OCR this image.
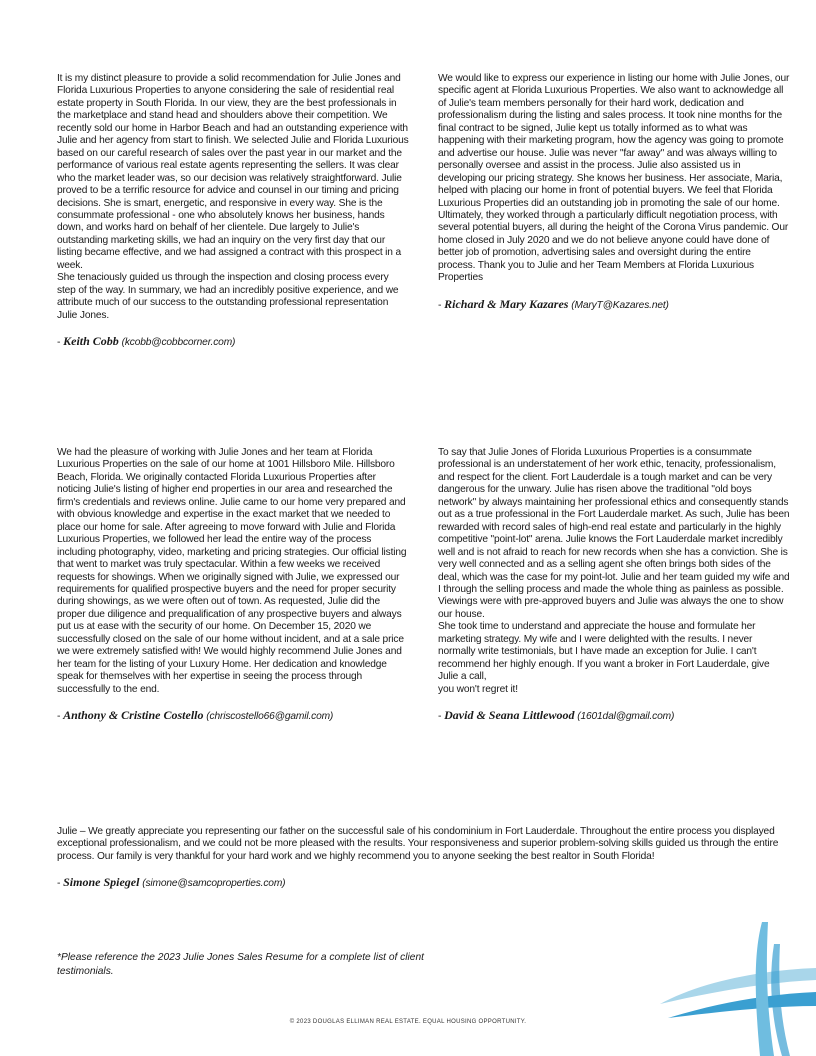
It is my distinct pleasure to provide a solid recommendation for Julie Jones and Florida Luxurious Properties to anyone considering the sale of residential real estate property in South Florida. In our view, they are the best professionals in the marketplace and stand head and shoulders above their competition. We recently sold our home in Harbor Beach and had an outstanding experience with Julie and her agency from start to finish. We selected Julie and Florida Luxurious based on our careful research of sales over the past year in our market and the performance of various real estate agents representing the sellers. It was clear who the market leader was, so our decision was relatively straightforward. Julie proved to be a terrific resource for advice and counsel in our timing and pricing decisions. She is smart, energetic, and responsive in every way. She is the consummate professional - one who absolutely knows her business, hands down, and works hard on behalf of her clientele. Due largely to Julie's outstanding marketing skills, we had an inquiry on the very first day that our listing became effective, and we had assigned a contract with this prospect in a week.

She tenaciously guided us through the inspection and closing process every step of the way. In summary, we had an incredibly positive experience, and we attribute much of our success to the outstanding professional representation Julie Jones.

- Keith Cobb (kcobb@cobbcorner.com)

We would like to express our experience in listing our home with Julie Jones, our specific agent at Florida Luxurious Properties. We also want to acknowledge all of Julie's team members personally for their hard work, dedication and professionalism during the listing and sales process. It took nine months for the final contract to be signed, Julie kept us totally informed as to what was happening with their marketing program, how the agency was going to promote and advertise our house. Julie was never "far away" and was always willing to personally oversee and assist in the process. Julie also assisted us in developing our pricing strategy. She knows her business. Her associate, Maria, helped with placing our home in front of potential buyers. We feel that Florida Luxurious Properties did an outstanding job in promoting the sale of our home. Ultimately, they worked through a particularly difficult negotiation process, with several potential buyers, all during the height of the Corona Virus pandemic. Our home closed in July 2020 and we do not believe anyone could have done of better job of promotion, advertising sales and oversight during the entire process. Thank you to Julie and her Team Members at Florida Luxurious Properties

- Richard & Mary Kazares (MaryT@Kazares.net)

We had the pleasure of working with Julie Jones and her team at Florida Luxurious Properties on the sale of our home at 1001 Hillsboro Mile. Hillsboro Beach, Florida. We originally contacted Florida Luxurious Properties after noticing Julie's listing of higher end properties in our area and researched the firm's credentials and reviews online. Julie came to our home very prepared and with obvious knowledge and expertise in the exact market that we needed to place our home for sale. After agreeing to move forward with Julie and Florida Luxurious Properties, we followed her lead the entire way of the process including photography, video, marketing and pricing strategies. Our official listing that went to market was truly spectacular. Within a few weeks we received requests for showings. When we originally signed with Julie, we expressed our requirements for qualified prospective buyers and the need for proper security during showings, as we were often out of town. As requested, Julie did the proper due diligence and prequalification of any prospective buyers and always put us at ease with the security of our home. On December 15, 2020 we successfully closed on the sale of our home without incident, and at a sale price we were extremely satisfied with! We would highly recommend Julie Jones and her team for the listing of your Luxury Home. Her dedication and knowledge speak for themselves with her expertise in seeing the process through successfully to the end.

- Anthony & Cristine Costello (chriscostello66@gamil.com)

To say that Julie Jones of Florida Luxurious Properties is a consummate professional is an understatement of her work ethic, tenacity, professionalism, and respect for the client. Fort Lauderdale is a tough market and can be very dangerous for the unwary. Julie has risen above the traditional "old boys network" by always maintaining her professional ethics and consequently stands out as a true professional in the Fort Lauderdale market. As such, Julie has been rewarded with record sales of high-end real estate and particularly in the highly competitive "point-lot" arena. Julie knows the Fort Lauderdale market incredibly well and is not afraid to reach for new records when she has a conviction. She is very well connected and as a selling agent she often brings both sides of the deal, which was the case for my point-lot. Julie and her team guided my wife and I through the selling process and made the whole thing as painless as possible. Viewings were with pre-approved buyers and Julie was always the one to show our house.

She took time to understand and appreciate the house and formulate her marketing strategy. My wife and I were delighted with the results. I never normally write testimonials, but I have made an exception for Julie. I can't recommend her highly enough. If you want a broker in Fort Lauderdale, give Julie a call,

you won't regret it!

- David & Seana Littlewood (1601dal@gmail.com)

Julie – We greatly appreciate you representing our father on the successful sale of his condominium in Fort Lauderdale. Throughout the entire process you displayed exceptional professionalism, and we could not be more pleased with the results. Your responsiveness and superior problem-solving skills guided us through the entire process. Our family is very thankful for your hard work and we highly recommend you to anyone seeking the best realtor in South Florida!

- Simone Spiegel (simone@samcoproperties.com)
*Please reference the 2023 Julie Jones Sales Resume for a complete list of client testimonials.
© 2023 DOUGLAS ELLIMAN REAL ESTATE. EQUAL HOUSING OPPORTUNITY.
